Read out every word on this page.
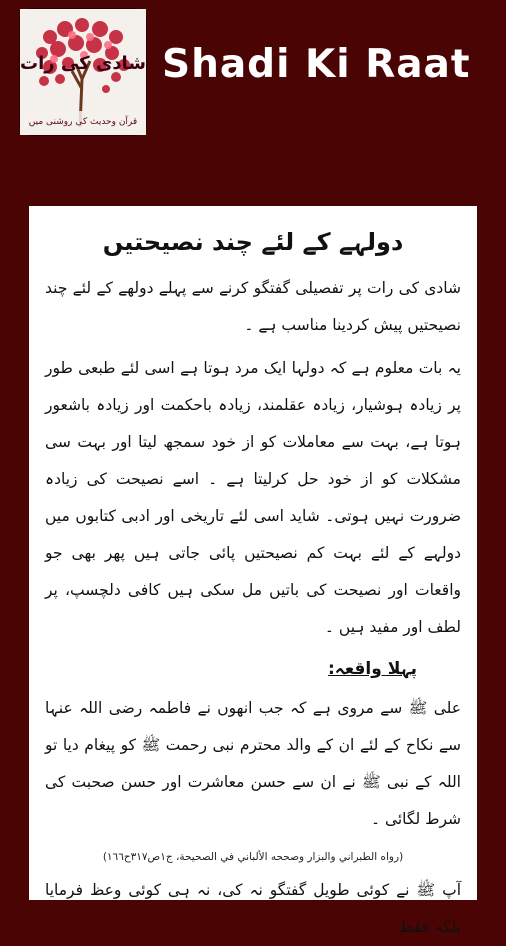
قرآن وحدیث کی روشنی میں
شادی کی رات Shadi Ki Raat
دولہے کے لئے چند نصیحتیں

شادی کی رات پر تفصیلی گفتگو کرنے سے پہلے دولھے کے لئے چند نصیحتیں پیش کردینا مناسب ہے ۔

یہ بات معلوم ہے کہ دولہا ایک مرد ہوتا ہے اسی لئے طبعی طور پر زیادہ ہوشیار، زیادہ عقلمند، زیادہ باحکمت اور زیادہ باشعور ہوتا ہے، بہت سے معاملات کو از خود سمجھ لیتا اور بہت سی مشکلات کو از خود حل کرلیتا ہے ۔ اسے نصیحت کی زیادہ ضرورت نہیں ہوتی۔ شاید اسی لئے تاریخی اور ادبی کتابوں میں دولہے کے لئے بہت کم نصیحتیں پائی جاتی ہیں پھر بھی جو واقعات اور نصیحت کی باتیں مل سکی ہیں کافی دلچسپ، پر لطف اور مفید ہیں ۔

پہلا واقعہ:

علی ﷺ سے مروی ہے کہ جب انھوں نے فاطمہ رضی اللہ عنہا سے نکاح کے لئے ان کے والد محترم نبی رحمت ﷺ کو پیغام دیا تو اللہ کے نبی ﷺ نے ان سے حسن معاشرت اور حسن صحبت کی شرط لگائی ۔

(رواه الطبراني والبزار وصححه الألباني في الصحيحة، ج١ص٣١٧ح١٦٦)

آپ ﷺ نے کوئی طویل گفتگو نہ کی، نہ ہی کوئی وعظ فرمایا بلکہ فقط
